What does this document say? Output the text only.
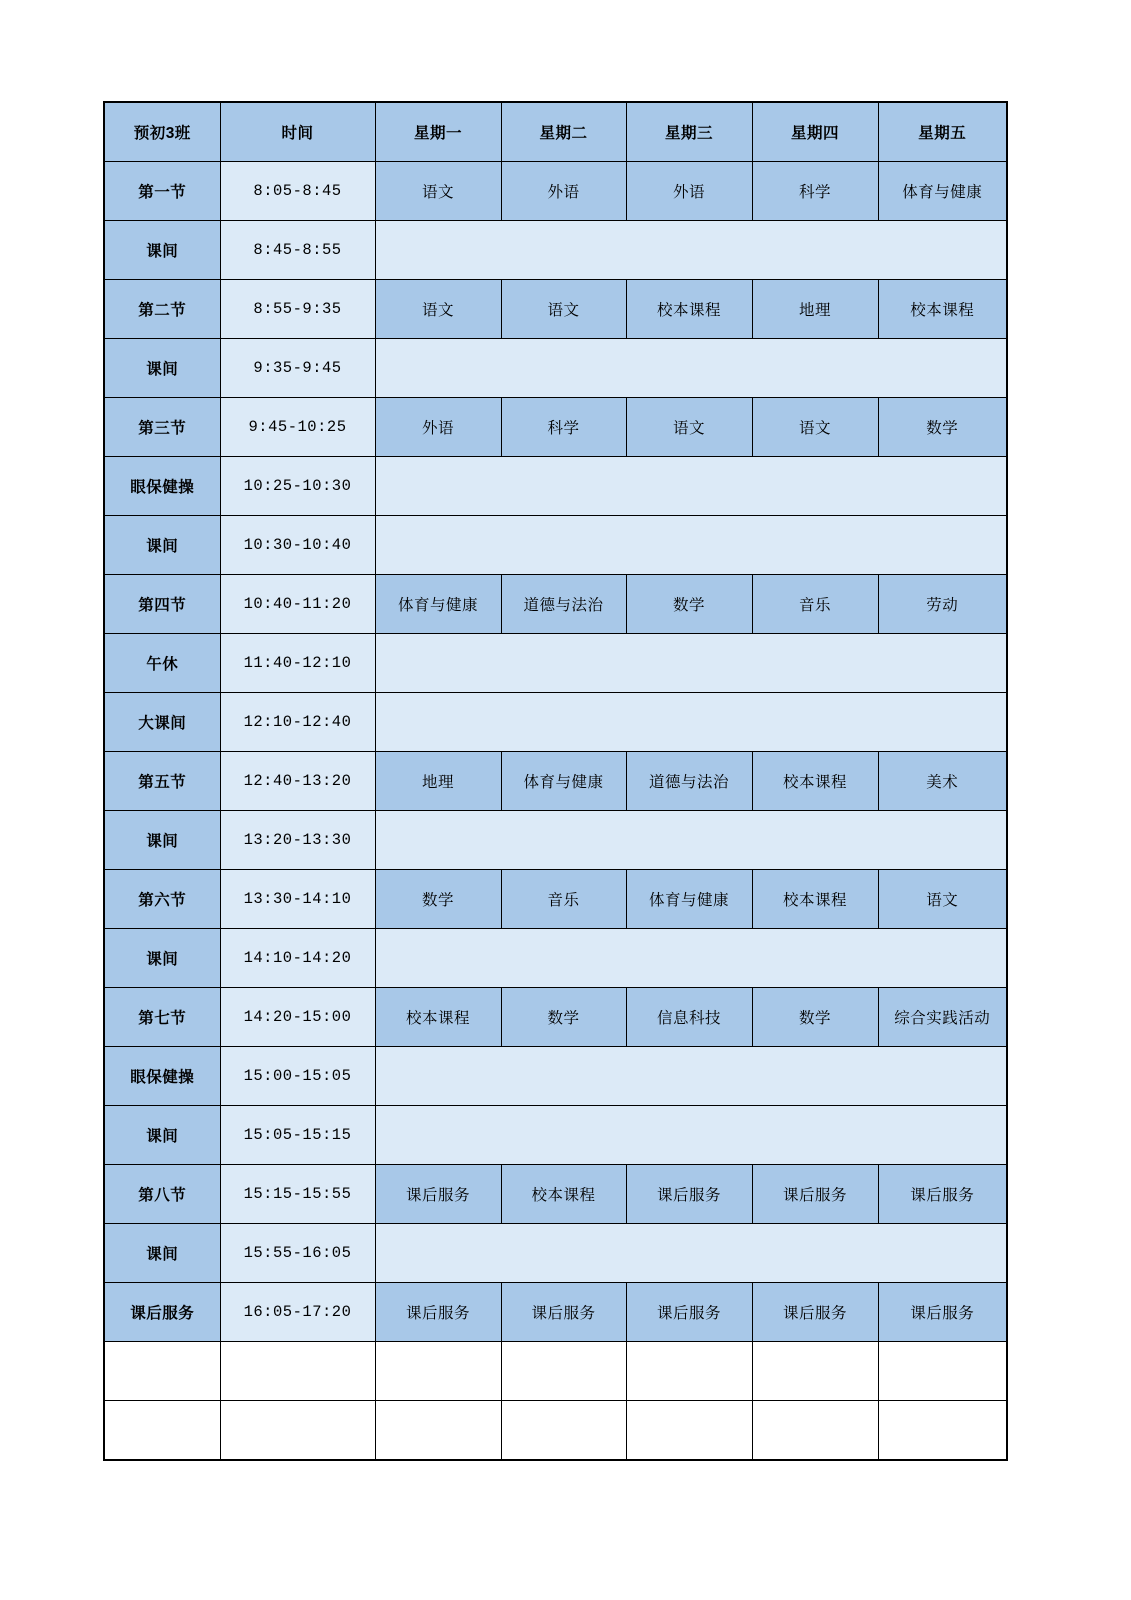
预初3班	时间	星期一	星期二	星期三	星期四	星期五
第一节	8:05-8:45	语文	外语	外语	科学	体育与健康
课间	8:45-8:55					
第二节	8:55-9:35	语文	语文	校本课程	地理	校本课程
课间	9:35-9:45					
第三节	9:45-10:25	外语	科学	语文	语文	数学
眼保健操	10:25-10:30					
课间	10:30-10:40					
第四节	10:40-11:20	体育与健康	道德与法治	数学	音乐	劳动
午休	11:40-12:10					
大课间	12:10-12:40					
第五节	12:40-13:20	地理	体育与健康	道德与法治	校本课程	美术
课间	13:20-13:30					
第六节	13:30-14:10	数学	音乐	体育与健康	校本课程	语文
课间	14:10-14:20					
第七节	14:20-15:00	校本课程	数学	信息科技	数学	综合实践活动
眼保健操	15:00-15:05					
课间	15:05-15:15					
第八节	15:15-15:55	课后服务	校本课程	课后服务	课后服务	课后服务
课间	15:55-16:05					
课后服务	16:05-17:20	课后服务	课后服务	课后服务	课后服务	课后服务
